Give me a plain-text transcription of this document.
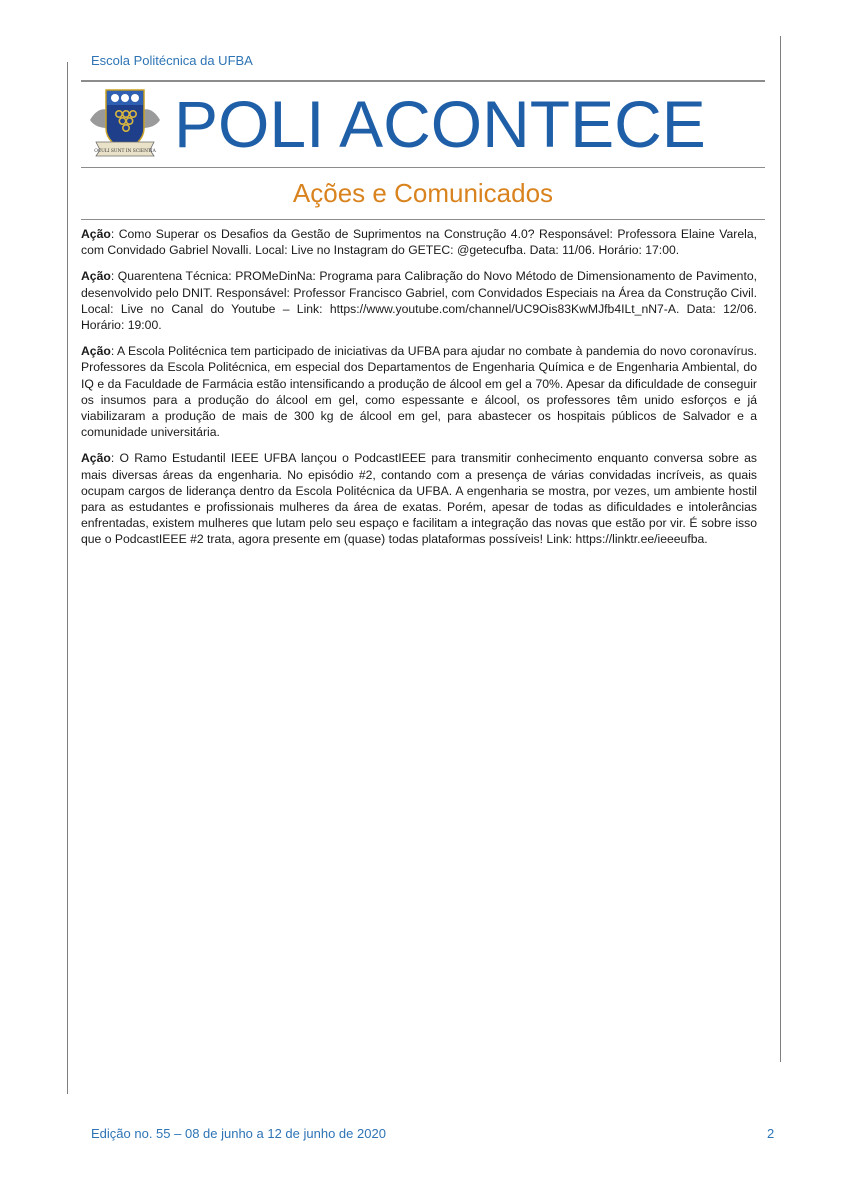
Escola Politécnica da UFBA
OCULI SUNT IN SCIENTIA POLI ACONTECE
Ações e Comunicados

Ação: Como Superar os Desafios da Gestão de Suprimentos na Construção 4.0? Responsável: Professora Elaine Varela, com Convidado Gabriel Novalli. Local: Live no Instagram do GETEC: @getecufba. Data: 11/06. Horário: 17:00.

Ação: Quarentena Técnica: PROMeDinNa: Programa para Calibração do Novo Método de Dimensionamento de Pavimento, desenvolvido pelo DNIT. Responsável: Professor Francisco Gabriel, com Convidados Especiais na Área da Construção Civil. Local: Live no Canal do Youtube – Link: https://www.youtube.com/channel/UC9Ois83KwMJfb4ILt_nN7-A. Data: 12/06. Horário: 19:00.

Ação: A Escola Politécnica tem participado de iniciativas da UFBA para ajudar no combate à pandemia do novo coronavírus. Professores da Escola Politécnica, em especial dos Departamentos de Engenharia Química e de Engenharia Ambiental, do IQ e da Faculdade de Farmácia estão intensificando a produção de álcool em gel a 70%. Apesar da dificuldade de conseguir os insumos para a produção do álcool em gel, como espessante e álcool, os professores têm unido esforços e já viabilizaram a produção de mais de 300 kg de álcool em gel, para abastecer os hospitais públicos de Salvador e a comunidade universitária.

Ação: O Ramo Estudantil IEEE UFBA lançou o PodcastIEEE para transmitir conhecimento enquanto conversa sobre as mais diversas áreas da engenharia. No episódio #2, contando com a presença de várias convidadas incríveis, as quais ocupam cargos de liderança dentro da Escola Politécnica da UFBA. A engenharia se mostra, por vezes, um ambiente hostil para as estudantes e profissionais mulheres da área de exatas. Porém, apesar de todas as dificuldades e intolerâncias enfrentadas, existem mulheres que lutam pelo seu espaço e facilitam a integração das novas que estão por vir. É sobre isso que o PodcastIEEE #2 trata, agora presente em (quase) todas plataformas possíveis! Link: https://linktr.ee/ieeeufba.

Edição no. 55 – 08 de junho a 12 de junho de 2020	2
